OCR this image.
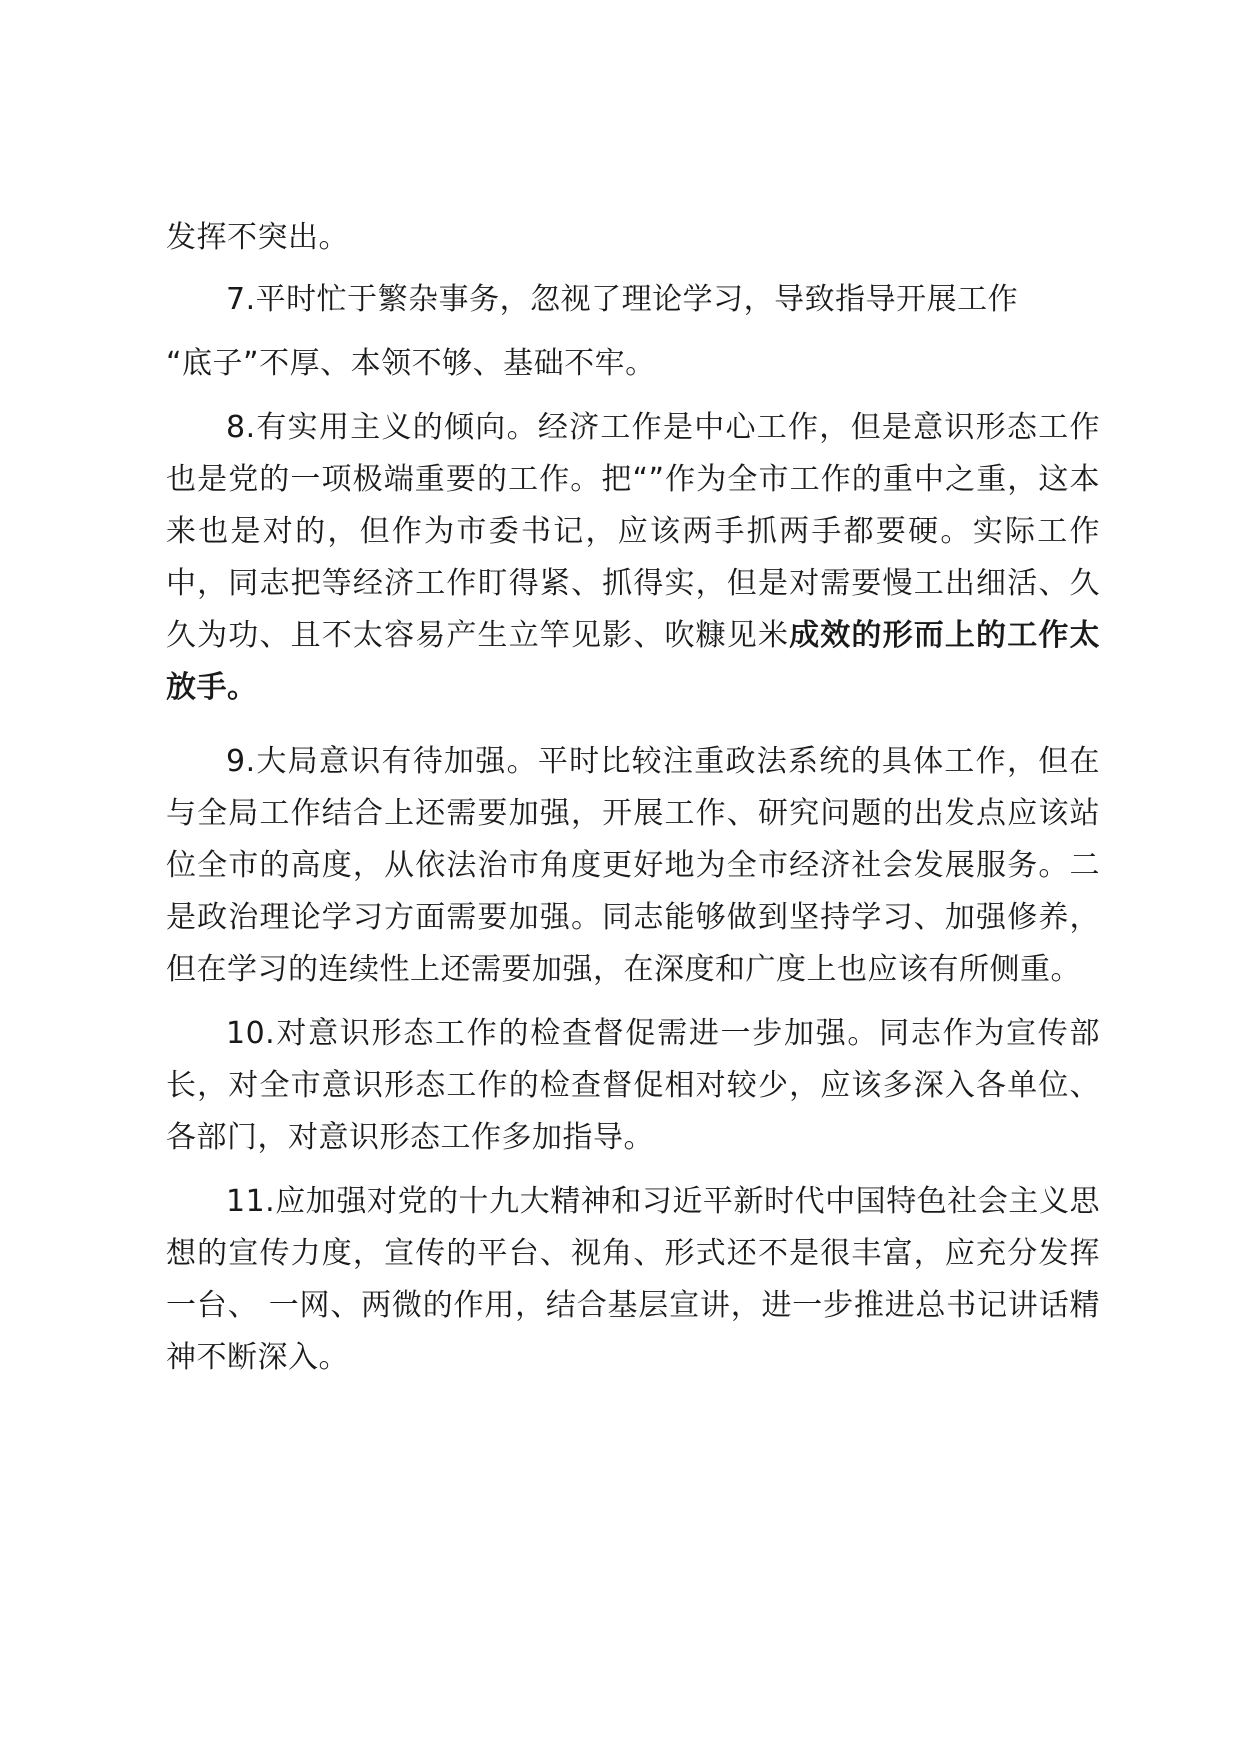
发挥不突出。

7.平时忙于繁杂事务，忽视了理论学习，导致指导开展工作
“底子”不厚、本领不够、基础不牢。

8.有实用主义的倾向。经济工作是中心工作，但是意识形态工作也是党的一项极端重要的工作。把“”作为全市工作的重中之重，这本来也是对的，但作为市委书记，应该两手抓两手都要硬。实际工作中，同志把等经济工作盯得紧、抓得实，但是对需要慢工出细活、久久为功、且不太容易产生立竿见影、吹糠见米成效的形而上的工作太放手。

9.大局意识有待加强。平时比较注重政法系统的具体工作，但在与全局工作结合上还需要加强，开展工作、研究问题的出发点应该站位全市的高度，从依法治市角度更好地为全市经济社会发展服务。二是政治理论学习方面需要加强。同志能够做到坚持学习、加强修养，但在学习的连续性上还需要加强，在深度和广度上也应该有所侧重。

10.对意识形态工作的检查督促需进一步加强。同志作为宣传部长，对全市意识形态工作的检查督促相对较少，应该多深入各单位、各部门，对意识形态工作多加指导。

11.应加强对党的十九大精神和习近平新时代中国特色社会主义思想的宣传力度，宣传的平台、视角、形式还不是很丰富，应充分发挥一台、 一网、两微的作用，结合基层宣讲，进一步推进总书记讲话精神不断深入。
